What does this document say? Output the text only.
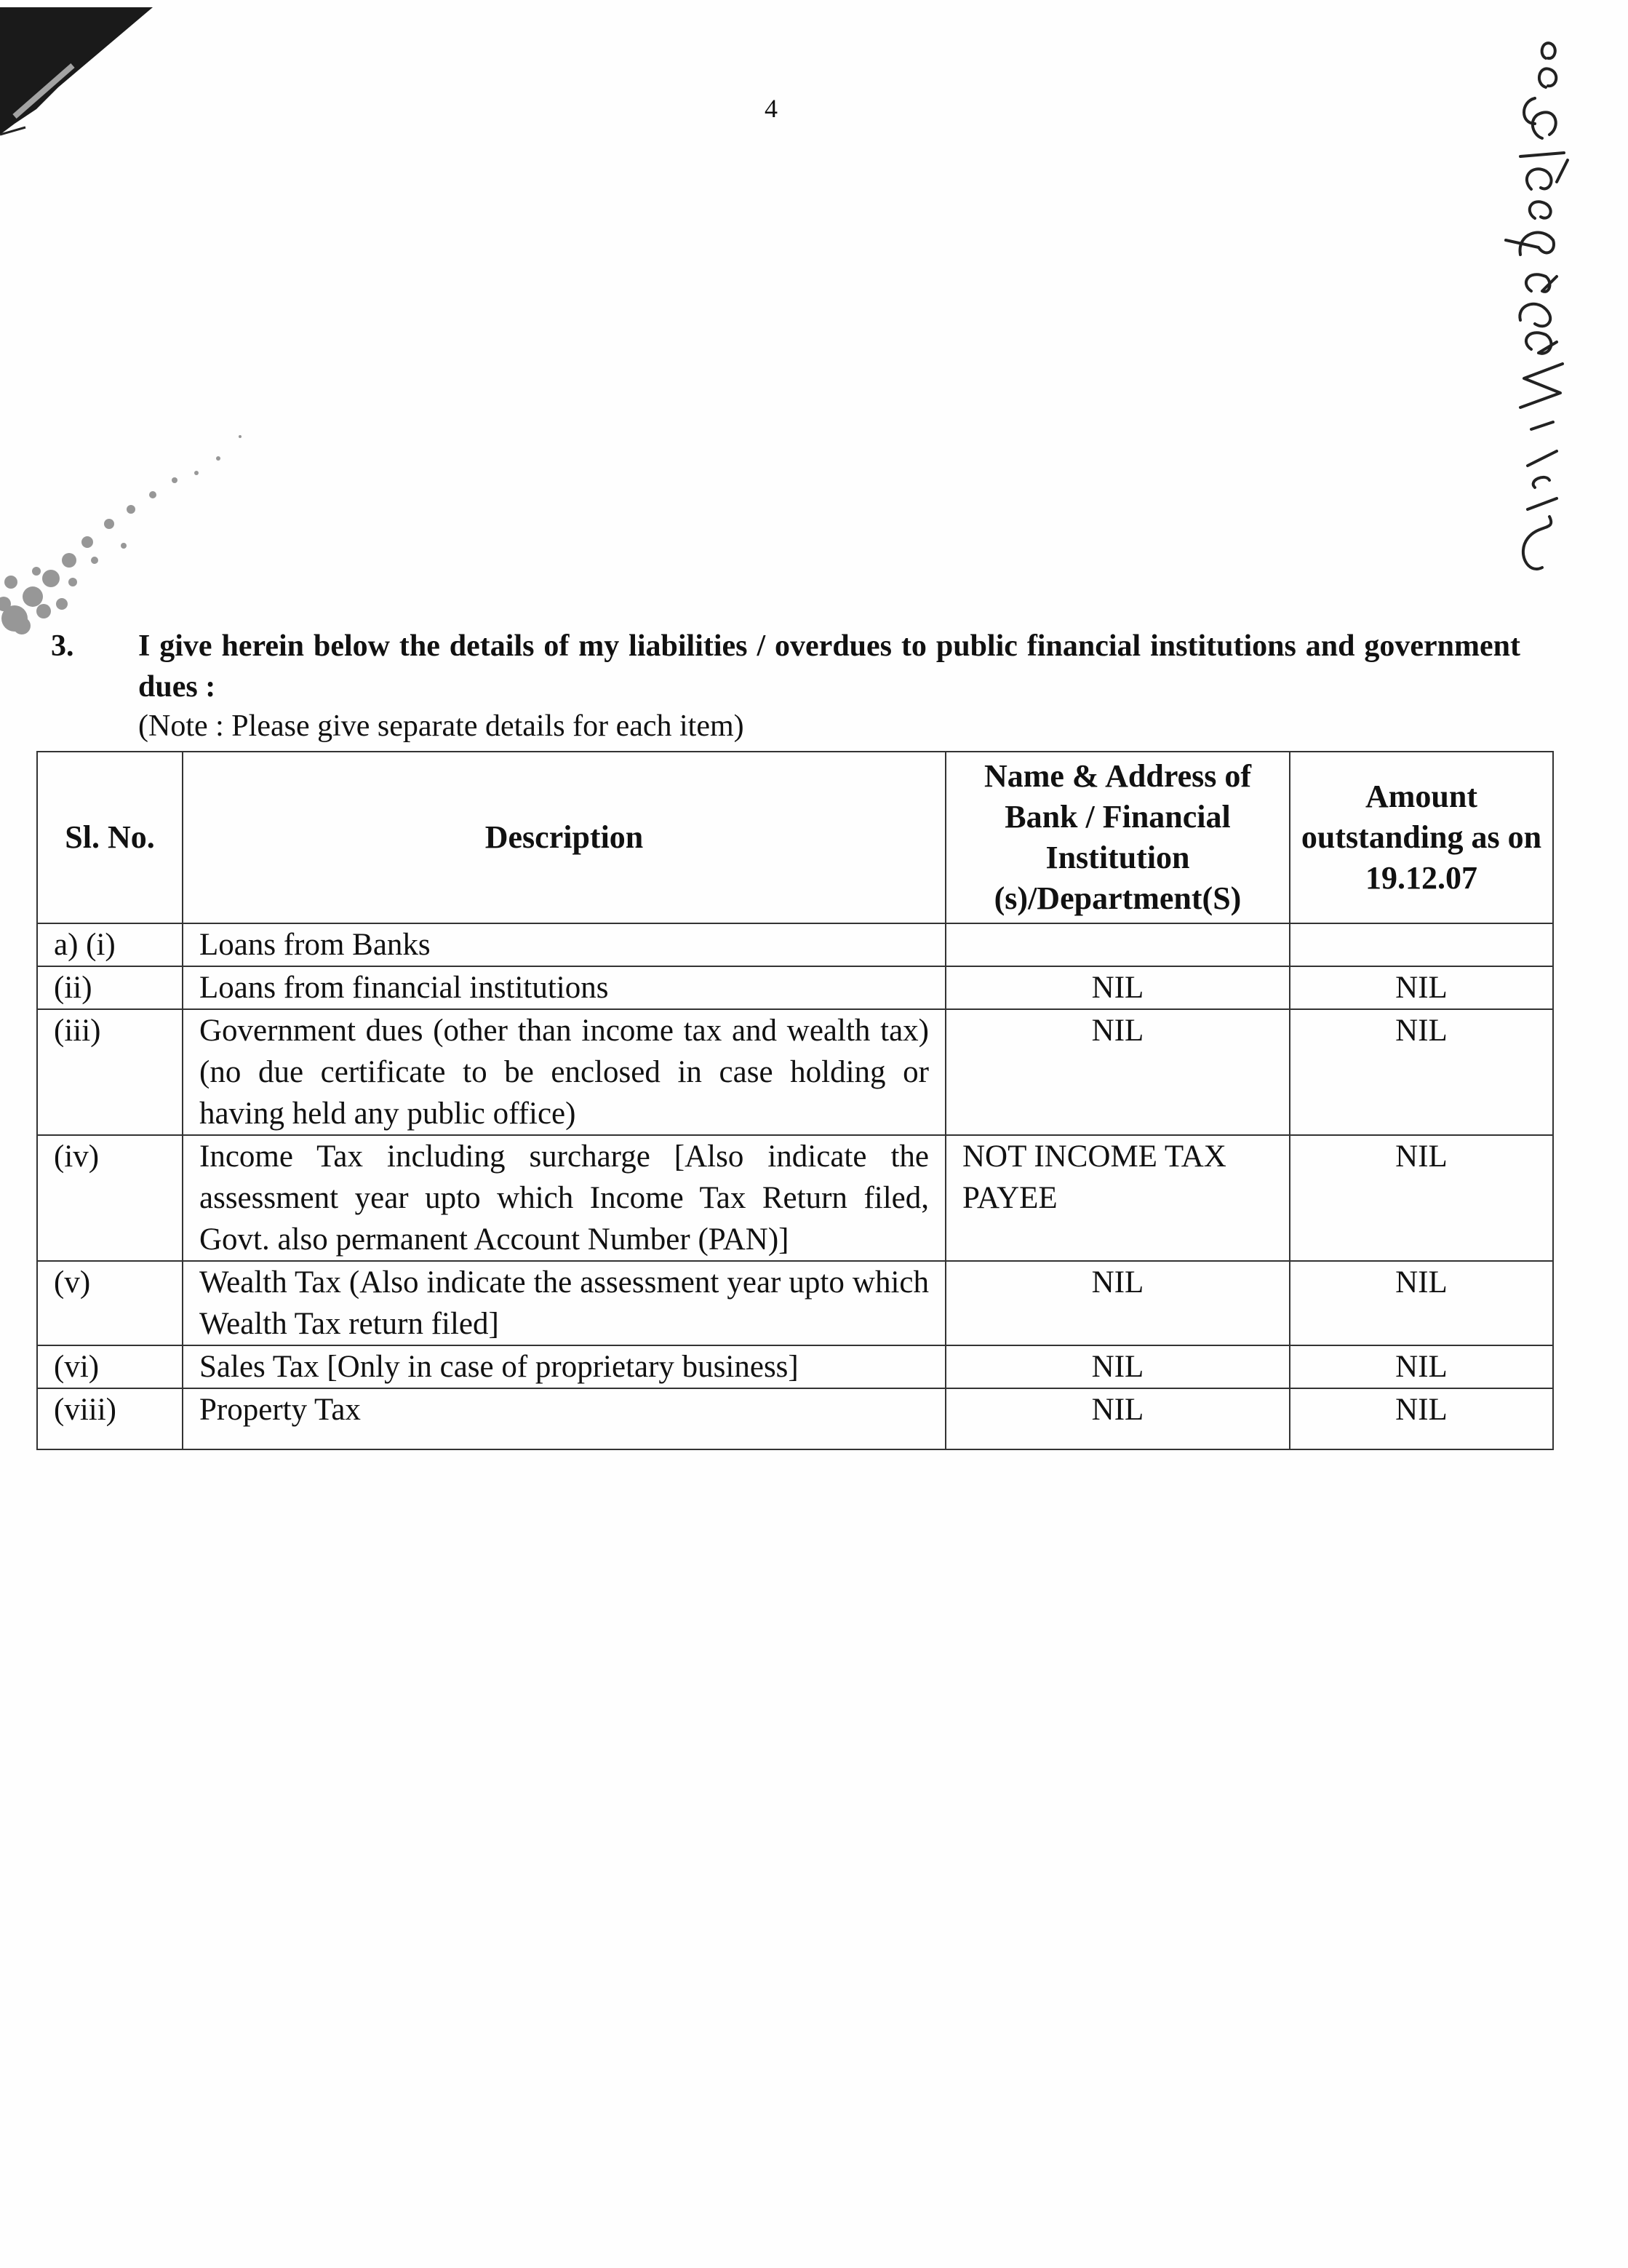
4
3.	I give herein below the details of my liabilities / overdues to public financial institutions and government dues :
(Note : Please give separate details for each item)
Sl. No.	Description	Name & Address of Bank / Financial Institution (s)/Department(S)	Amount outstanding as on 19.12.07
a) (i)	Loans from Banks		
(ii)	Loans from financial institutions	NIL	NIL
(iii)	Government dues (other than income tax and wealth tax) (no due certificate to be enclosed in case holding or having held any public office)	NIL	NIL
(iv)	Income Tax including surcharge [Also indicate the assessment year upto which Income Tax Return filed, Govt. also permanent Account Number (PAN)]	NOT INCOME TAX PAYEE	NIL
(v)	Wealth Tax (Also indicate the assessment year upto which Wealth Tax return filed]	NIL	NIL
(vi)	Sales Tax [Only in case of proprietary business]	NIL	NIL
(viii)	Property Tax	NIL	NIL
